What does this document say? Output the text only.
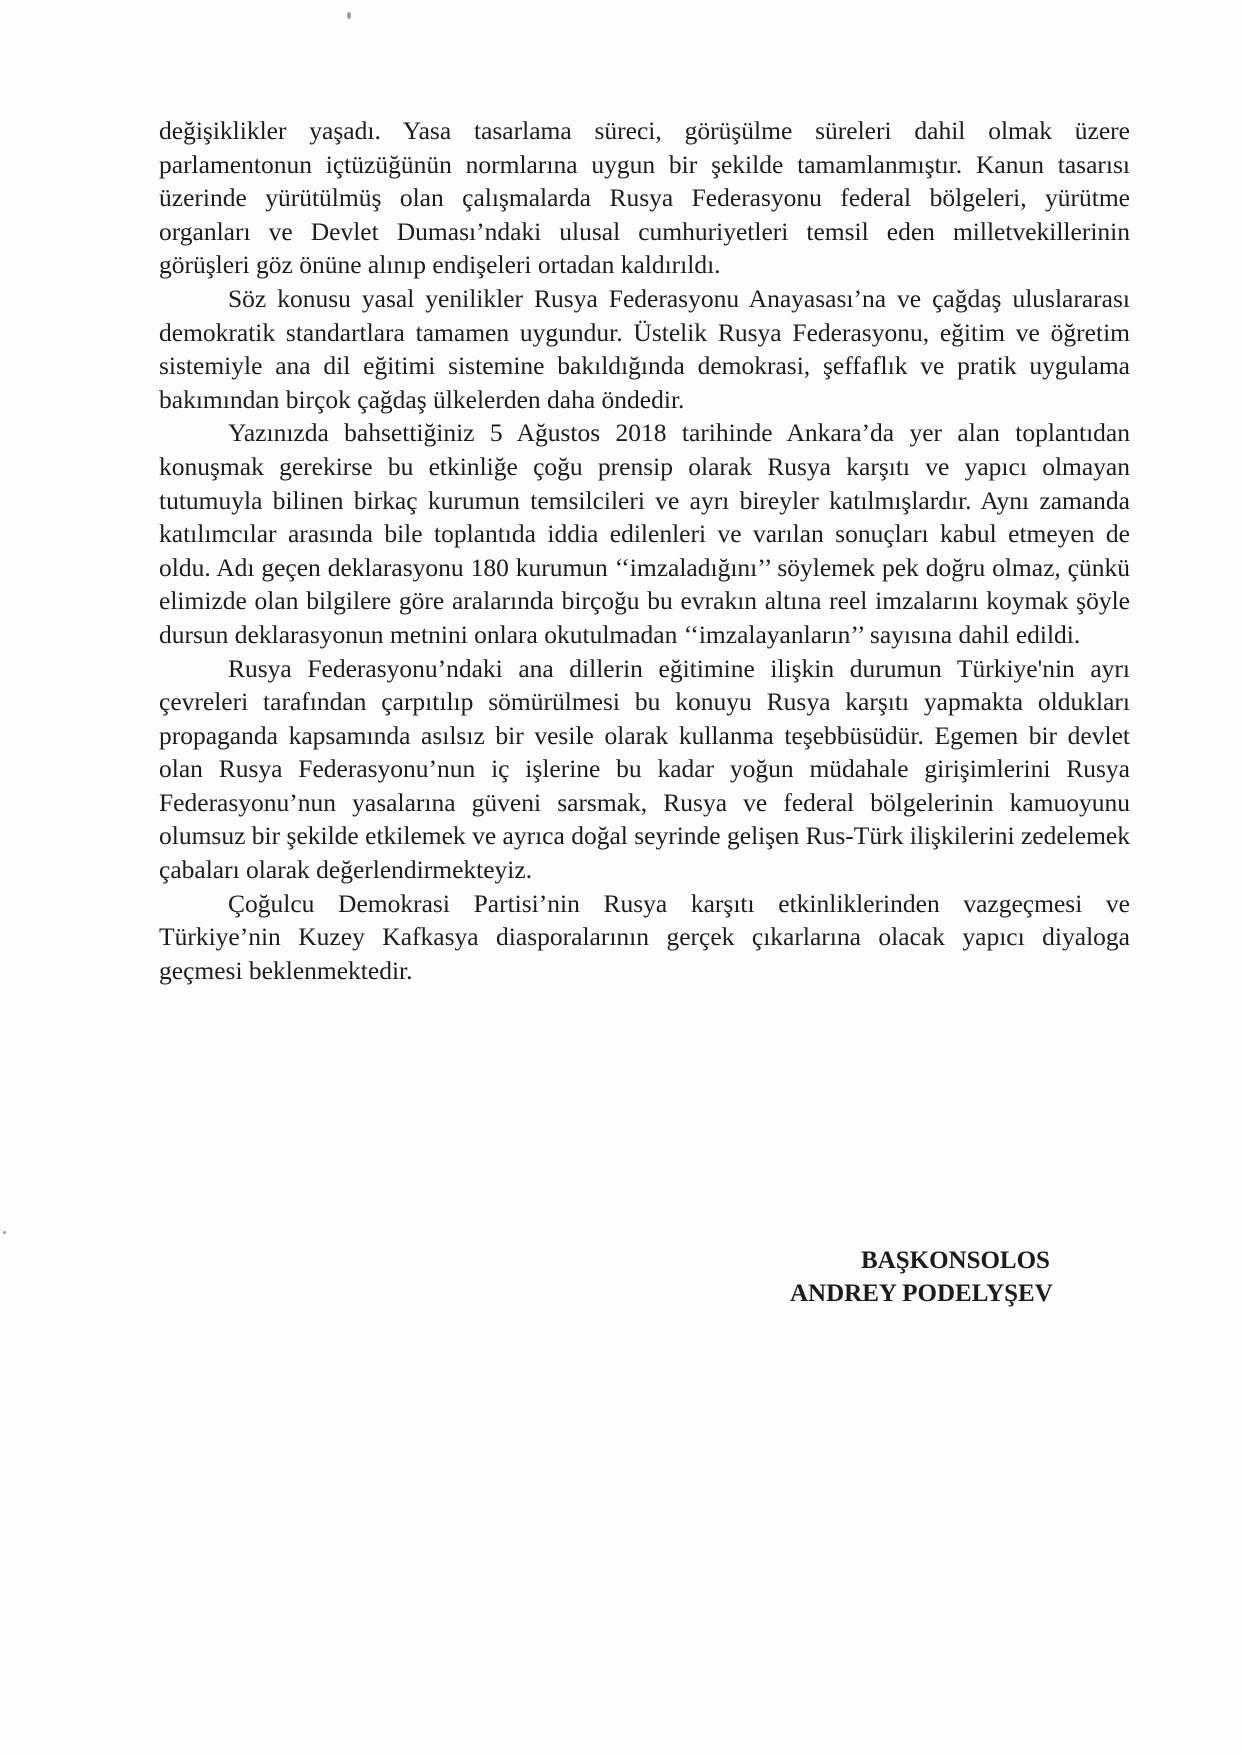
değişiklikler yaşadı. Yasa tasarlama süreci, görüşülme süreleri dahil olmak üzere parlamentonun içtüzüğünün normlarına uygun bir şekilde tamamlanmıştır. Kanun tasarısı üzerinde yürütülmüş olan çalışmalarda Rusya Federasyonu federal bölgeleri, yürütme organları ve Devlet Duması’ndaki ulusal cumhuriyetleri temsil eden milletvekillerinin görüşleri göz önüne alınıp endişeleri ortadan kaldırıldı.

Söz konusu yasal yenilikler Rusya Federasyonu Anayasası’na ve çağdaş uluslararası demokratik standartlara tamamen uygundur. Üstelik Rusya Federasyonu, eğitim ve öğretim sistemiyle ana dil eğitimi sistemine bakıldığında demokrasi, şeffaflık ve pratik uygulama bakımından birçok çağdaş ülkelerden daha öndedir.

Yazınızda bahsettiğiniz 5 Ağustos 2018 tarihinde Ankara’da yer alan toplantıdan konuşmak gerekirse bu etkinliğe çoğu prensip olarak Rusya karşıtı ve yapıcı olmayan tutumuyla bilinen birkaç kurumun temsilcileri ve ayrı bireyler katılmışlardır. Aynı zamanda katılımcılar arasında bile toplantıda iddia edilenleri ve varılan sonuçları kabul etmeyen de oldu. Adı geçen deklarasyonu 180 kurumun ‘‘imzaladığını’’ söylemek pek doğru olmaz, çünkü elimizde olan bilgilere göre aralarında birçoğu bu evrakın altına reel imzalarını koymak şöyle dursun deklarasyonun metnini onlara okutulmadan ‘‘imzalayanların’’ sayısına dahil edildi.

Rusya Federasyonu’ndaki ana dillerin eğitimine ilişkin durumun Türkiye'nin ayrı çevreleri tarafından çarpıtılıp sömürülmesi bu konuyu Rusya karşıtı yapmakta oldukları propaganda kapsamında asılsız bir vesile olarak kullanma teşebbüsüdür. Egemen bir devlet olan Rusya Federasyonu’nun iç işlerine bu kadar yoğun müdahale girişimlerini Rusya Federasyonu’nun yasalarına güveni sarsmak, Rusya ve federal bölgelerinin kamuoyunu olumsuz bir şekilde etkilemek ve ayrıca doğal seyrinde gelişen Rus-Türk ilişkilerini zedelemek çabaları olarak değerlendirmekteyiz.

Çoğulcu Demokrasi Partisi’nin Rusya karşıtı etkinliklerinden vazgeçmesi ve Türkiye’nin Kuzey Kafkasya diasporalarının gerçek çıkarlarına olacak yapıcı diyaloga geçmesi beklenmektedir.

BAŞKONSOLOS
ANDREY PODELYŞEV
